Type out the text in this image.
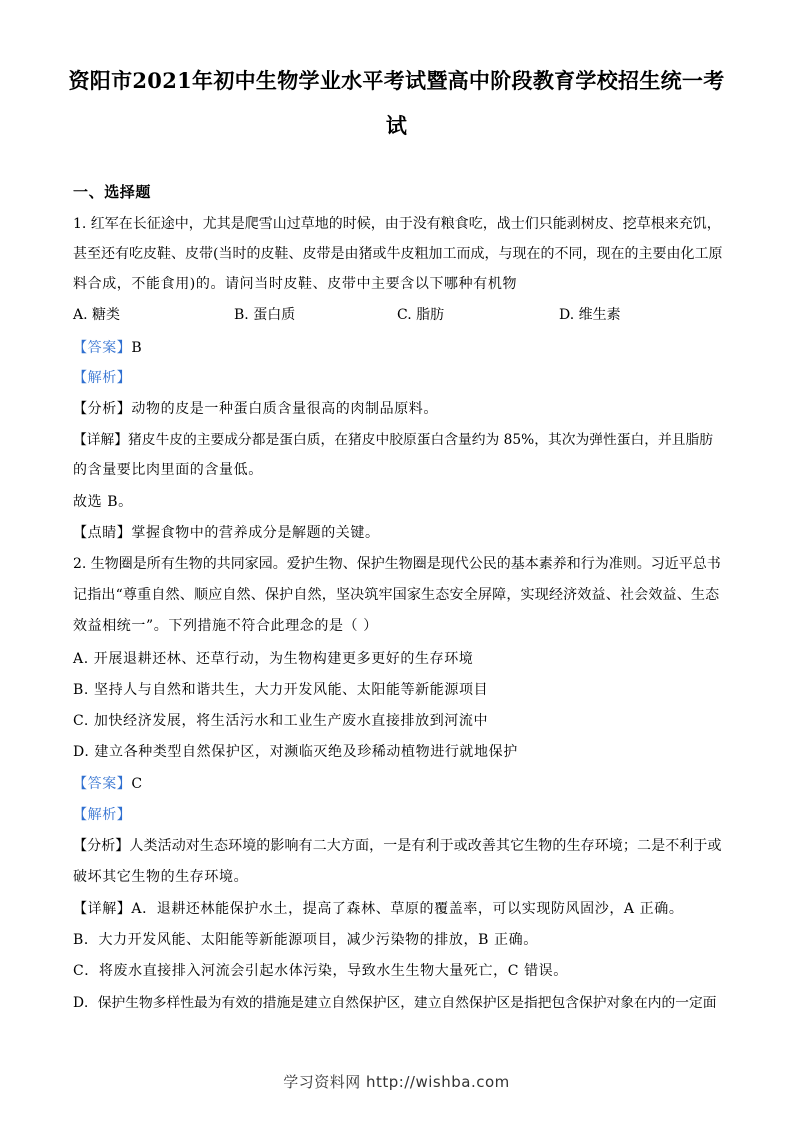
资阳市2021年初中生物学业水平考试暨高中阶段教育学校招生统一考
试
一、选择题
1. 红军在长征途中，尤其是爬雪山过草地的时候，由于没有粮食吃，战士们只能剥树皮、挖草根来充饥，
甚至还有吃皮鞋、皮带(当时的皮鞋、皮带是由猪或牛皮粗加工而成，与现在的不同，现在的主要由化工原
料合成，不能食用)的。请问当时皮鞋、皮带中主要含以下哪种有机物
A. 糖类	B. 蛋白质	C. 脂肪	D. 维生素
【答案】B
【解析】
【分析】动物的皮是一种蛋白质含量很高的肉制品原料。
【详解】猪皮牛皮的主要成分都是蛋白质，在猪皮中胶原蛋白含量约为 85%，其次为弹性蛋白，并且脂肪
的含量要比肉里面的含量低。
故选 B。
【点睛】掌握食物中的营养成分是解题的关键。
2. 生物圈是所有生物的共同家园。爱护生物、保护生物圈是现代公民的基本素养和行为准则。习近平总书
记指出“尊重自然、顺应自然、保护自然，坚决筑牢国家生态安全屏障，实现经济效益、社会效益、生态
效益相统一”。下列措施不符合此理念的是（ ）
A. 开展退耕还林、还草行动，为生物构建更多更好的生存环境
B. 坚持人与自然和谐共生，大力开发风能、太阳能等新能源项目
C. 加快经济发展，将生活污水和工业生产废水直接排放到河流中
D. 建立各种类型自然保护区，对濒临灭绝及珍稀动植物进行就地保护
【答案】C
【解析】
【分析】人类活动对生态环境的影响有二大方面，一是有利于或改善其它生物的生存环境；二是不利于或
破坏其它生物的生存环境。
【详解】A．退耕还林能保护水土，提高了森林、草原的覆盖率，可以实现防风固沙，A 正确。
B．大力开发风能、太阳能等新能源项目，减少污染物的排放，B 正确。
C．将废水直接排入河流会引起水体污染，导致水生生物大量死亡，C 错误。
D．保护生物多样性最为有效的措施是建立自然保护区，建立自然保护区是指把包含保护对象在内的一定面
学习资料网 http://wishba.com
